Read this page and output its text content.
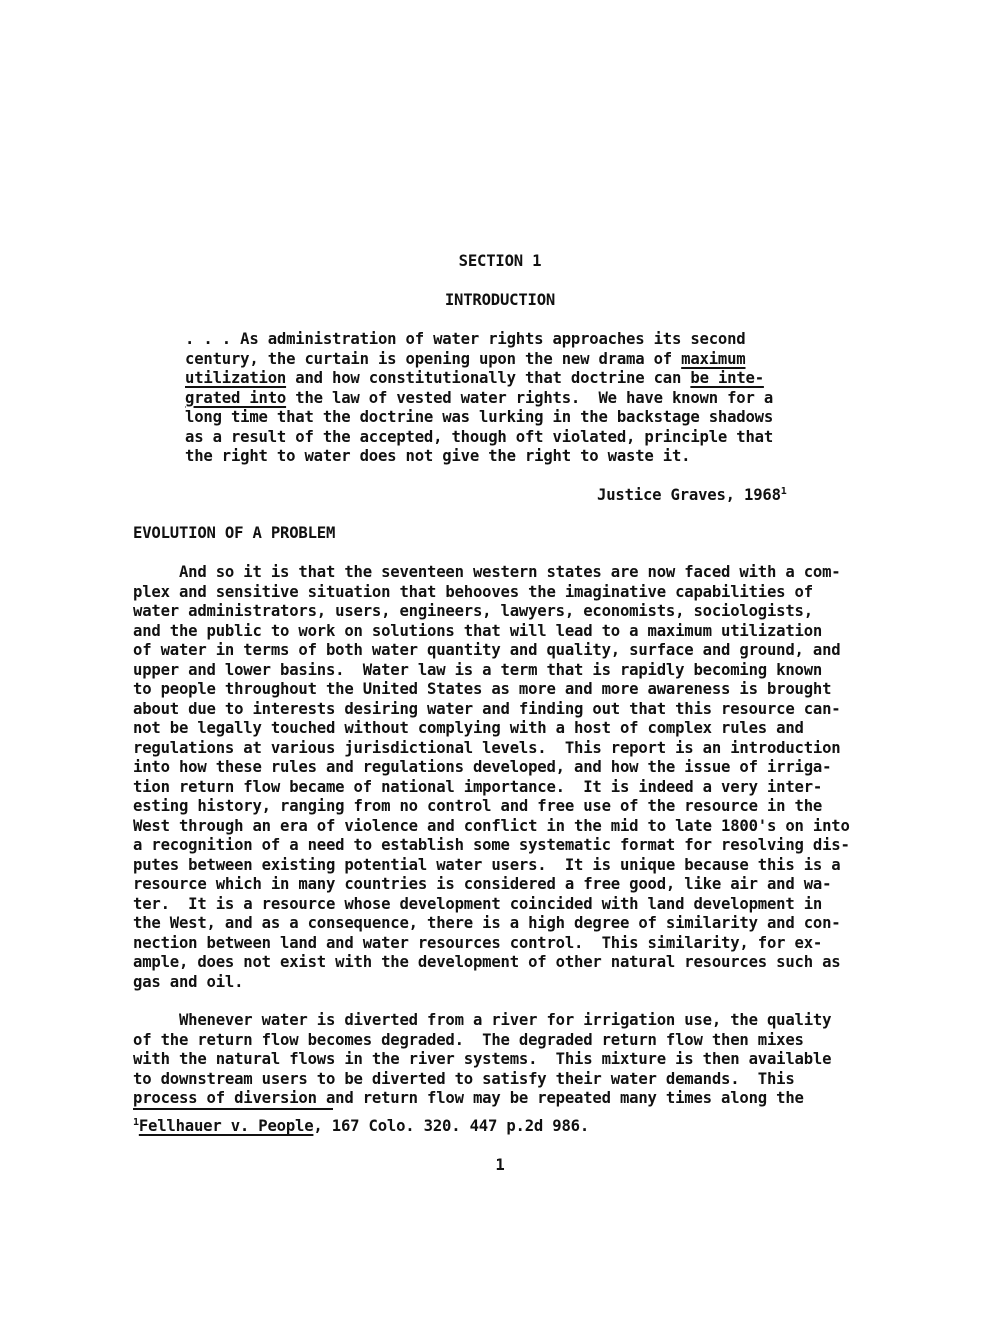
SECTION 1
INTRODUCTION
. . . As administration of water rights approaches its second
century, the curtain is opening upon the new drama of maximum
utilization and how constitutionally that doctrine can be inte-
grated into the law of vested water rights.  We have known for a
long time that the doctrine was lurking in the backstage shadows
as a result of the accepted, though oft violated, principle that
the right to water does not give the right to waste it.
Justice Graves, 1968$^1$
EVOLUTION OF A PROBLEM
And so it is that the seventeen western states are now faced with a com-
plex and sensitive situation that behooves the imaginative capabilities of
water administrators, users, engineers, lawyers, economists, sociologists,
and the public to work on solutions that will lead to a maximum utilization
of water in terms of both water quantity and quality, surface and ground, and
upper and lower basins.  Water law is a term that is rapidly becoming known
to people throughout the United States as more and more awareness is brought
about due to interests desiring water and finding out that this resource can-
not be legally touched without complying with a host of complex rules and
regulations at various jurisdictional levels.  This report is an introduction
into how these rules and regulations developed, and how the issue of irriga-
tion return flow became of national importance.  It is indeed a very inter-
esting history, ranging from no control and free use of the resource in the
West through an era of violence and conflict in the mid to late 1800's on into
a recognition of a need to establish some systematic format for resolving dis-
putes between existing potential water users.  It is unique because this is a
resource which in many countries is considered a free good, like air and wa-
ter.  It is a resource whose development coincided with land development in
the West, and as a consequence, there is a high degree of similarity and con-
nection between land and water resources control.  This similarity, for ex-
ample, does not exist with the development of other natural resources such as
gas and oil.
Whenever water is diverted from a river for irrigation use, the quality
of the return flow becomes degraded.  The degraded return flow then mixes
with the natural flows in the river systems.  This mixture is then available
to downstream users to be diverted to satisfy their water demands.  This
process of diversion and return flow may be repeated many times along the
$^1$Fellhauer v. People, 167 Colo. 320. 447 p.2d 986.
1
